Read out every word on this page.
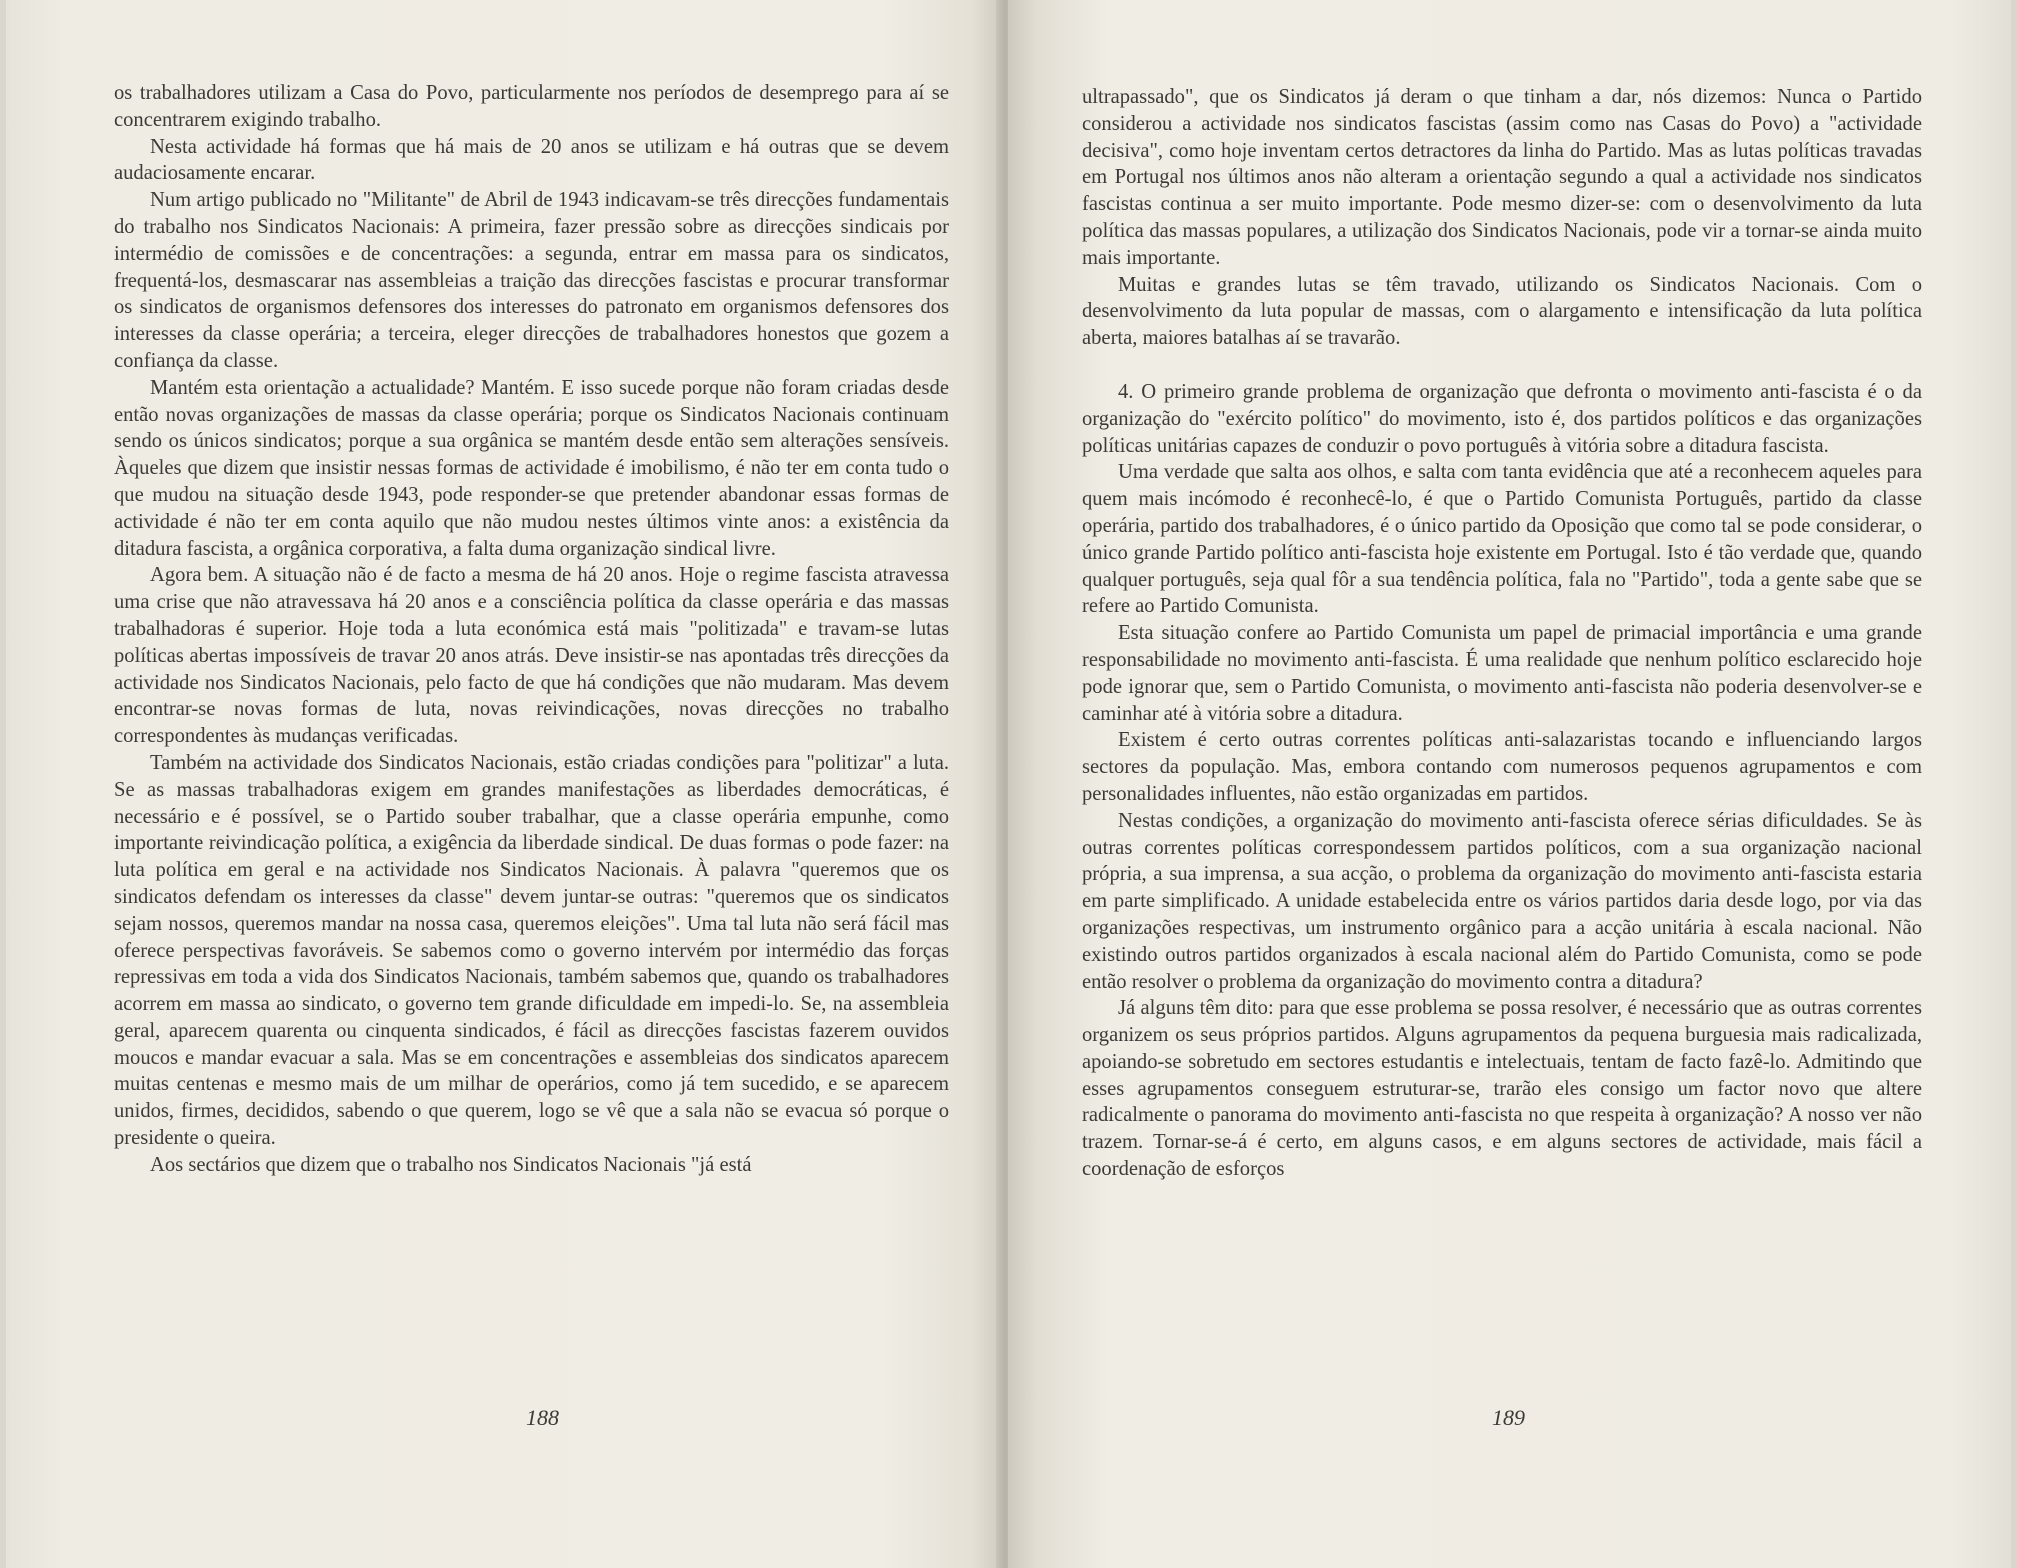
os trabalhadores utilizam a Casa do Povo, particularmente nos períodos de desemprego para aí se concentrarem exigindo trabalho.

Nesta actividade há formas que há mais de 20 anos se utilizam e há outras que se devem audaciosamente encarar.

Num artigo publicado no "Militante" de Abril de 1943 indicavam-se três direcções fundamentais do trabalho nos Sindicatos Nacionais: A primeira, fazer pressão sobre as direcções sindicais por intermédio de comissões e de concentrações: a segunda, entrar em massa para os sindicatos, frequentá-los, desmascarar nas assembleias a traição das direcções fascistas e procurar transformar os sindicatos de organismos defensores dos interesses do patronato em organismos defensores dos interesses da classe operária; a terceira, eleger direcções de trabalhadores honestos que gozem a confiança da classe.

Mantém esta orientação a actualidade? Mantém. E isso sucede porque não foram criadas desde então novas organizações de massas da classe operária; porque os Sindicatos Nacionais continuam sendo os únicos sindicatos; porque a sua orgânica se mantém desde então sem alterações sensíveis. Àqueles que dizem que insistir nessas formas de actividade é imobilismo, é não ter em conta tudo o que mudou na situação desde 1943, pode responder-se que pretender abandonar essas formas de actividade é não ter em conta aquilo que não mudou nestes últimos vinte anos: a existência da ditadura fascista, a orgânica corporativa, a falta duma organização sindical livre.

Agora bem. A situação não é de facto a mesma de há 20 anos. Hoje o regime fascista atravessa uma crise que não atravessava há 20 anos e a consciência política da classe operária e das massas trabalhadoras é superior. Hoje toda a luta económica está mais "politizada" e travam-se lutas políticas abertas impossíveis de travar 20 anos atrás. Deve insistir-se nas apontadas três direcções da actividade nos Sindicatos Nacionais, pelo facto de que há condições que não mudaram. Mas devem encontrar-se novas formas de luta, novas reivindicações, novas direcções no trabalho correspondentes às mudanças verificadas.

Também na actividade dos Sindicatos Nacionais, estão criadas condições para "politizar" a luta. Se as massas trabalhadoras exigem em grandes manifestações as liberdades democráticas, é necessário e é possível, se o Partido souber trabalhar, que a classe operária empunhe, como importante reivindicação política, a exigência da liberdade sindical. De duas formas o pode fazer: na luta política em geral e na actividade nos Sindicatos Nacionais. À palavra "queremos que os sindicatos defendam os interesses da classe" devem juntar-se outras: "queremos que os sindicatos sejam nossos, queremos mandar na nossa casa, queremos eleições". Uma tal luta não será fácil mas oferece perspectivas favoráveis. Se sabemos como o governo intervém por intermédio das forças repressivas em toda a vida dos Sindicatos Nacionais, também sabemos que, quando os trabalhadores acorrem em massa ao sindicato, o governo tem grande dificuldade em impedi-lo. Se, na assembleia geral, aparecem quarenta ou cinquenta sindicados, é fácil as direcções fascistas fazerem ouvidos moucos e mandar evacuar a sala. Mas se em concentrações e assembleias dos sindicatos aparecem muitas centenas e mesmo mais de um milhar de operários, como já tem sucedido, e se aparecem unidos, firmes, decididos, sabendo o que querem, logo se vê que a sala não se evacua só porque o presidente o queira.

Aos sectários que dizem que o trabalho nos Sindicatos Nacionais "já está

188

ultrapassado", que os Sindicatos já deram o que tinham a dar, nós dizemos: Nunca o Partido considerou a actividade nos sindicatos fascistas (assim como nas Casas do Povo) a "actividade decisiva", como hoje inventam certos detractores da linha do Partido. Mas as lutas políticas travadas em Portugal nos últimos anos não alteram a orientação segundo a qual a actividade nos sindicatos fascistas continua a ser muito importante. Pode mesmo dizer-se: com o desenvolvimento da luta política das massas populares, a utilização dos Sindicatos Nacionais, pode vir a tornar-se ainda muito mais importante.

Muitas e grandes lutas se têm travado, utilizando os Sindicatos Nacionais. Com o desenvolvimento da luta popular de massas, com o alargamento e intensificação da luta política aberta, maiores batalhas aí se travarão.

4. O primeiro grande problema de organização que defronta o movimento anti-fascista é o da organização do "exército político" do movimento, isto é, dos partidos políticos e das organizações políticas unitárias capazes de conduzir o povo português à vitória sobre a ditadura fascista.

Uma verdade que salta aos olhos, e salta com tanta evidência que até a reconhecem aqueles para quem mais incómodo é reconhecê-lo, é que o Partido Comunista Português, partido da classe operária, partido dos trabalhadores, é o único partido da Oposição que como tal se pode considerar, o único grande Partido político anti-fascista hoje existente em Portugal. Isto é tão verdade que, quando qualquer português, seja qual fôr a sua tendência política, fala no "Partido", toda a gente sabe que se refere ao Partido Comunista.

Esta situação confere ao Partido Comunista um papel de primacial importância e uma grande responsabilidade no movimento anti-fascista. É uma realidade que nenhum político esclarecido hoje pode ignorar que, sem o Partido Comunista, o movimento anti-fascista não poderia desenvolver-se e caminhar até à vitória sobre a ditadura.

Existem é certo outras correntes políticas anti-salazaristas tocando e influenciando largos sectores da população. Mas, embora contando com numerosos pequenos agrupamentos e com personalidades influentes, não estão organizadas em partidos.

Nestas condições, a organização do movimento anti-fascista oferece sérias dificuldades. Se às outras correntes políticas correspondessem partidos políticos, com a sua organização nacional própria, a sua imprensa, a sua acção, o problema da organização do movimento anti-fascista estaria em parte simplificado. A unidade estabelecida entre os vários partidos daria desde logo, por via das organizações respectivas, um instrumento orgânico para a acção unitária à escala nacional. Não existindo outros partidos organizados à escala nacional além do Partido Comunista, como se pode então resolver o problema da organização do movimento contra a ditadura?

Já alguns têm dito: para que esse problema se possa resolver, é necessário que as outras correntes organizem os seus próprios partidos. Alguns agrupamentos da pequena burguesia mais radicalizada, apoiando-se sobretudo em sectores estudantis e intelectuais, tentam de facto fazê-lo. Admitindo que esses agrupamentos conseguem estruturar-se, trarão eles consigo um factor novo que altere radicalmente o panorama do movimento anti-fascista no que respeita à organização? A nosso ver não trazem. Tornar-se-á é certo, em alguns casos, e em alguns sectores de actividade, mais fácil a coordenação de esforços

189
